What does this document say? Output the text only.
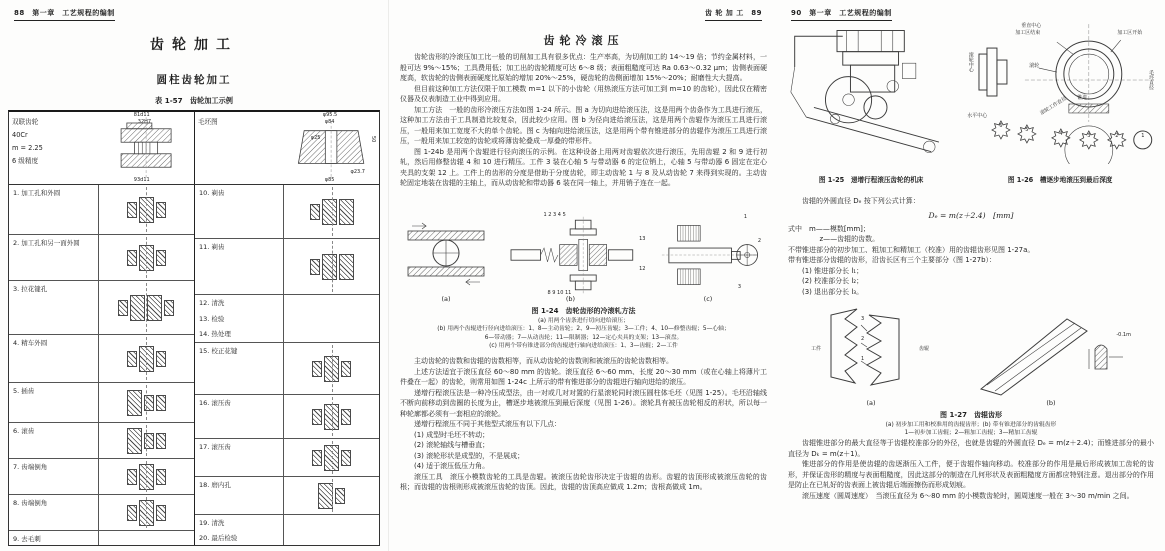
88　第一章　工艺规程的编制
齿轮加工
圆柱齿轮加工
表 1-57　齿轮加工示例
双联齿轮
40Cr
m = 2.25
6 级精度
81d11
32H7
93d11
毛坯图
φ95.5
φ84
φ25	50
φ23.7
φ85
1. 加工孔和外圆
2. 加工孔和另一面外圆
3. 拉花键孔
4. 精车外圆
5. 插齿
6. 滚齿
7. 齿端倒角
8. 齿端倒角
9. 去毛刺
10. 剃齿
11. 剃齿
12. 清洗
13. 检验
14. 热处理
15. 校正花键
16. 滚压齿
17. 滚压齿
18. 磨内孔
19. 清洗
20. 最后检验
齿 轮 加 工　89
齿轮冷滚压

齿轮齿形的冷滚压加工比一般的切削加工具有很多优点：生产率高，为切削加工的 14～19 倍；节约金属材料，一般可达 9%～15%；工具费用低；加工出的齿轮精度可达 6～8 级；表面粗糙度可达 Ra 0.63～0.32 μm；齿侧表面硬度高，软齿轮的齿侧表面硬度比原始的增加 20%～25%，硬齿轮的齿侧面增加 15%～20%；耐磨性大大提高。

但目前这种加工方法仅限于加工模数 m=1 以下的小齿轮（用热滚压方法可加工到 m=10 的齿轮），因此仅在精密仪器及仪表制造工业中得到应用。

加工方法　一般的齿形冷滚压方法如图 1-24 所示。图 a 为切向进给滚压法，这是用两个齿条作为工具进行滚压，这种加工方法由于工具制造比较复杂，因此较少应用。图 b 为径向进给滚压法，这是用两个齿辊作为滚压工具进行滚压，一般用来加工宽度不大的单个齿轮。图 c 为轴向进给滚压法，这是用两个带有锥进部分的齿辊作为滚压工具进行滚压，一般用来加工较宽的齿轮或将薄齿轮叠成一厚叠的带形件。

图 1-24b 是用两个齿辊进行径向滚压的示例。在这种设备上用两对齿辊依次进行滚压，先用齿辊 2 和 9 进行初轧，然后用修整齿辊 4 和 10 进行精压。工件 3 装在心轴 5 与带动器 6 的定位销上，心轴 5 与带动器 6 固定在定心夹具的支架 12 上。工件上的齿形的分度是借助于分度齿轮，即主动齿轮 1 与 8 及从动齿轮 7 来得到实现的。主动齿轮固定地装在齿辊的主轴上，而从动齿轮和带动器 6 装在同一轴上，并用销子连在一起。

(a)
1 2 3 4 5
8 9 10 11
13
12
(b)
1
2
3
(c)
图 1-24　齿轮齿形的冷滚轧方法
(a) 用两个齿条进行切向进给滚压；
(b) 用两个齿辊进行径向进给滚压：1、8—主动齿轮；2、9—初压齿辊；3—工件；4、10—修整齿辊；5—心轴；
6—带动器；7—从动齿轮；11—限制器；12—定心夹具的支架；13—滚盘。
(c) 用两个带有锥进部分的齿辊进行轴向进给滚压：1、3—齿辊；2—工件

主动齿轮的齿数和齿辊的齿数相等，而从动齿轮的齿数则和被滚压的齿轮齿数相等。

上述方法适宜于滚压直径 60～80 mm 的齿轮。滚压直径 6～60 mm、长度 20～30 mm（或在心轴上将薄片工件叠在一起）的齿轮，则常用如图 1-24c 上所示的带有锥进部分的齿辊进行轴向进给的滚压。

递增行程滚压法是一种冷压成型法，由一对或几对对置的行星滚轮同时滚压圆柱体毛坯（见图 1-25）。毛坯沿轴线不断向前移动到齿圈的长度为止，槽逐步地被滚压到最后深度（见图 1-26）。滚轮具有被压齿轮相反的形状，所以每一种轮廓都必须有一套相应的滚轮。

递增行程滚压不同于其他型式滚压有以下几点：

(1) 成型时毛坯不转动；

(2) 滚轮轴线与槽垂直；

(3) 滚轮形状是成型的，不是展成；

(4) 适于滚压低压力角。

滚压工具　滚压小模数齿轮的工具是齿辊。被滚压齿轮齿形决定于齿辊的齿形。齿辊的齿顶形成被滚压齿轮的齿根；而齿辊的齿根则形成被滚压齿轮的齿顶。因此，齿辊的齿顶高应做成 1.2m；齿根高做成 1m。

90　第一章　工艺规程的编制
图 1-25　递增行程滚压齿轮的机床
垂直中心
加工区结束	加工区开始
滚轮
滚轮中心
水平中心	滚轮工作直径
毛坯直径
锥进
6
5
4	3	2	1
图 1-26　槽逐步地滚压到最后深度

齿辊的外圆直径 Dₑ 按下列公式计算：

Dₑ = m(z＋2.4)　[mm]

式中　m——模数[mm]；

z——齿辊的齿数。

不带锥进部分的初步加工、粗加工和精加工（校准）用的齿辊齿形见图 1-27a。

带有锥进部分齿辊的齿形，沿齿长区有三个主要部分（图 1-27b）：

(1) 锥进部分长 l₁；

(2) 校准部分长 l₂；

(3) 退出部分长 l₃。

工件	齿辊
3
2
1
(a)
-0.1m
(b)
图 1-27　齿辊齿形
(a) 初步加工用和校准用的齿辊齿形；(b) 带有锥进部分的齿辊齿形
1—初步加工齿辊；2—粗加工齿辊；3—精加工齿辊

齿辊锥进部分的最大直径等于齿辊校准部分的外径，也就是齿辊的外圆直径 Dₑ = m(z＋2.4)；而锥进部分的最小直径为 Dₖ = m(z＋1)。

锥进部分的作用是使齿辊的齿逐渐压入工件，便于齿辊作轴向移动。校准部分的作用是最后形成被加工齿轮的齿形，并保证齿形的精度与表面粗糙度，因此这部分的制造在几何形状及表面粗糙度方面都应特别注意。退出部分的作用是防止在已轧好的齿表面上被齿辊后端面擦伤而形成划痕。

滚压速度（圆周速度）　当滚压直径为 6～80 mm 的小模数齿轮时，圆周速度一般在 3～30 m/min 之间。
